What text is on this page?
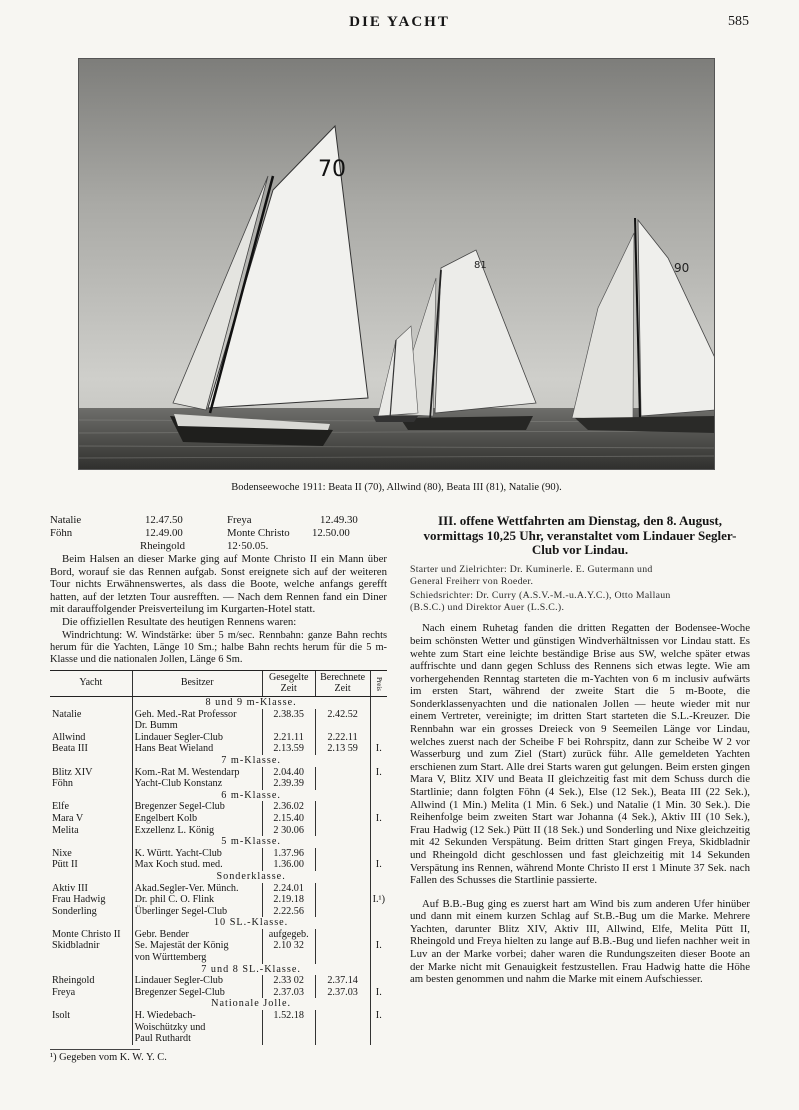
DIE YACHT	585
70
81	90
Bodenseewoche 1911: Beata II (70), Allwind (80), Beata III (81), Natalie (90).
Natalie	12.47.50	Freya	12.49.30
Föhn	12.49.00	Monte Christo 12.50.00
Rheingold	12·50.05.

Beim Halsen an dieser Marke ging auf Monte Christo II ein Mann über Bord, worauf sie das Rennen aufgab. Sonst ereignete sich auf der weiteren Tour nichts Erwähnenswertes, als dass die Boote, welche anfangs gerefft hatten, auf der letzten Tour ausrefften. — Nach dem Rennen fand ein Diner mit darauffolgender Preisverteilung im Kurgarten-Hotel statt.

Die offiziellen Resultate des heutigen Rennens waren:

Windrichtung: W. Windstärke: über 5 m/sec. Rennbahn: ganze Bahn rechts herum für die Yachten, Länge 10 Sm.; halbe Bahn rechts herum für die 5 m-Klasse und die nationalen Jollen, Länge 6 Sm.

Yacht	Besitzer	Gesegelte Zeit	Berechnete Zeit	Preis
	8 und 9 m-Klasse.			
Natalie	Geh. Med.-Rat Professor	2.38.35	2.42.52	
	Dr. Bumm			
Allwind	Lindauer Segler-Club	2.21.11	2.22.11	
Beata III	Hans Beat Wieland	2.13.59	2.13 59	I.
	7 m-Klasse.			
Blitz XIV	Kom.-Rat M. Westendarp	2.04.40		I.
Föhn	Yacht-Club Konstanz	2.39.39		
	6 m-Klasse.			
Elfe	Bregenzer Segel-Club	2.36.02		
Mara V	Engelbert Kolb	2.15.40		I.
Melita	Exzellenz L. König	2 30.06		
	5 m-Klasse.			
Nixe	K. Württ. Yacht-Club	1.37.96		
Pütt II	Max Koch stud. med.	1.36.00		I.
	Sonderklasse.			
Aktiv III	Akad.Segler-Ver. Münch.	2.24.01		
Frau Hadwig	Dr. phil C. O. Flink	2.19.18		I.¹)
Sonderling	Überlinger Segel-Club	2.22.56		
	10 SL.-Klasse.			
Monte Christo II	Gebr. Bender	aufgegeb.		
Skidbladnir	Se. Majestät der König	2.10 32		I.
	von Württemberg			
	7 und 8 SL.-Klasse.			
Rheingold	Lindauer Segler-Club	2.33 02	2.37.14	
Freya	Bregenzer Segel-Club	2.37.03	2.37.03	I.
	Nationale Jolle.			
Isolt	H. Wiedebach-	1.52.18		I.
	Woischützky und			
	Paul Ruthardt			
¹) Gegeben vom K. W. Y. C.

III. offene Wettfahrten am Dienstag, den 8. August, vormittags 10,25 Uhr, veranstaltet vom Lindauer Segler-Club vor Lindau.

Starter und Zielrichter: Dr. Kuminerle. E. Gutermann und

General Freiherr von Roeder.

Schiedsrichter: Dr. Curry (A.S.V.-M.-u.A.Y.C.), Otto Mallaun

(B.S.C.) und Direktor Auer (L.S.C.).

Nach einem Ruhetag fanden die dritten Regatten der Bodensee-Woche beim schönsten Wetter und günstigen Windverhältnissen vor Lindau statt. Es wehte zum Start eine leichte beständige Brise aus SW, welche später etwas auffrischte und dann gegen Schluss des Rennens sich etwas legte. Wie am vorhergehenden Renntag starteten die m-Yachten von 6 m inclusiv aufwärts im ersten Start, während der zweite Start die 5 m-Boote, die Sonderklassenyachten und die nationalen Jollen — heute wieder mit nur einem Vertreter, vereinigte; im dritten Start starteten die S.L.-Kreuzer. Die Rennbahn war ein grosses Dreieck von 9 Seemeilen Länge vor Lindau, welches zuerst nach der Scheibe F bei Rohrspitz, dann zur Scheibe W 2 vor Wasserburg und zum Ziel (Start) zurück führ. Alle gemeldeten Yachten erschienen zum Start. Alle drei Starts waren gut gelungen. Beim ersten gingen Mara V, Blitz XIV und Beata II gleichzeitig fast mit dem Schuss durch die Startlinie; dann folgten Föhn (4 Sek.), Else (12 Sek.), Beata III (22 Sek.), Allwind (1 Min.) Melita (1 Min. 6 Sek.) und Natalie (1 Min. 30 Sek.). Die Reihenfolge beim zweiten Start war Johanna (4 Sek.), Aktiv III (10 Sek.), Frau Hadwig (12 Sek.) Pütt II (18 Sek.) und Sonderling und Nixe gleichzeitig mit 42 Sekunden Verspätung. Beim dritten Start gingen Freya, Skidbladnir und Rheingold dicht geschlossen und fast gleichzeitig mit 14 Sekunden Verspätung ins Rennen, während Monte Christo II erst 1 Minute 37 Sek. nach Fallen des Schusses die Startlinie passierte.

Auf B.B.-Bug ging es zuerst hart am Wind bis zum anderen Ufer hinüber und dann mit einem kurzen Schlag auf St.B.-Bug um die Marke. Mehrere Yachten, darunter Blitz XIV, Aktiv III, Allwind, Elfe, Melita Pütt II, Rheingold und Freya hielten zu lange auf B.B.-Bug und liefen nachher weit in Luv an der Marke vorbei; daher waren die Rundungszeiten dieser Boote an der Marke nicht mit Genauigkeit festzustellen. Frau Hadwig hatte die Höhe am besten genommen und nahm die Marke mit einem Aufschiesser.
